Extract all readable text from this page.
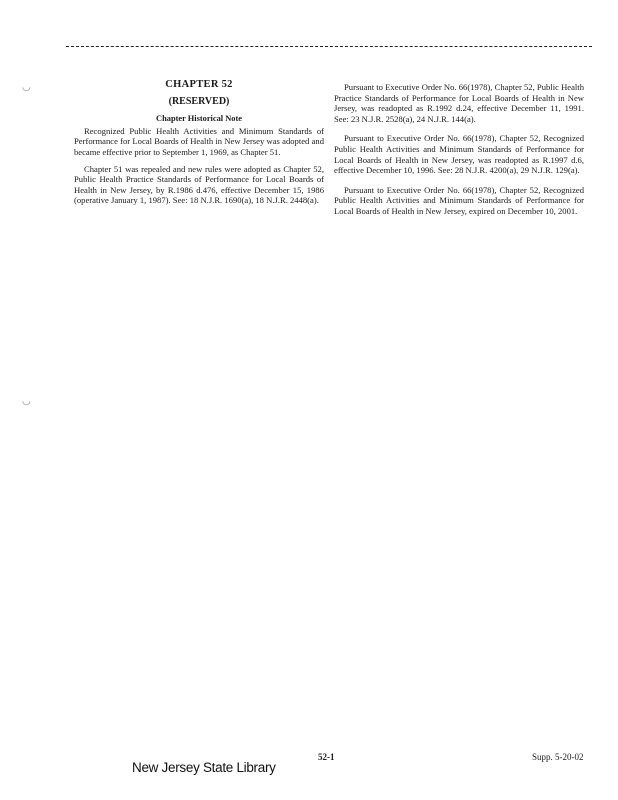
◡
◡
CHAPTER 52
(RESERVED)
Chapter Historical Note

Recognized Public Health Activities and Minimum Standards of Performance for Local Boards of Health in New Jersey was adopted and became effective prior to September 1, 1969, as Chapter 51.

Chapter 51 was repealed and new rules were adopted as Chapter 52, Public Health Practice Standards of Performance for Local Boards of Health in New Jersey, by R.1986 d.476, effective December 15, 1986 (operative January 1, 1987). See: 18 N.J.R. 1690(a), 18 N.J.R. 2448(a).

Pursuant to Executive Order No. 66(1978), Chapter 52, Public Health Practice Standards of Performance for Local Boards of Health in New Jersey, was readopted as R.1992 d.24, effective December 11, 1991. See: 23 N.J.R. 2528(a), 24 N.J.R. 144(a).

Pursuant to Executive Order No. 66(1978), Chapter 52, Recognized Public Health Activities and Minimum Standards of Performance for Local Boards of Health in New Jersey, was readopted as R.1997 d.6, effective December 10, 1996. See: 28 N.J.R. 4200(a), 29 N.J.R. 129(a).

Pursuant to Executive Order No. 66(1978), Chapter 52, Recognized Public Health Activities and Minimum Standards of Performance for Local Boards of Health in New Jersey, expired on December 10, 2001.

New Jersey State Library
52-1	Supp. 5-20-02
